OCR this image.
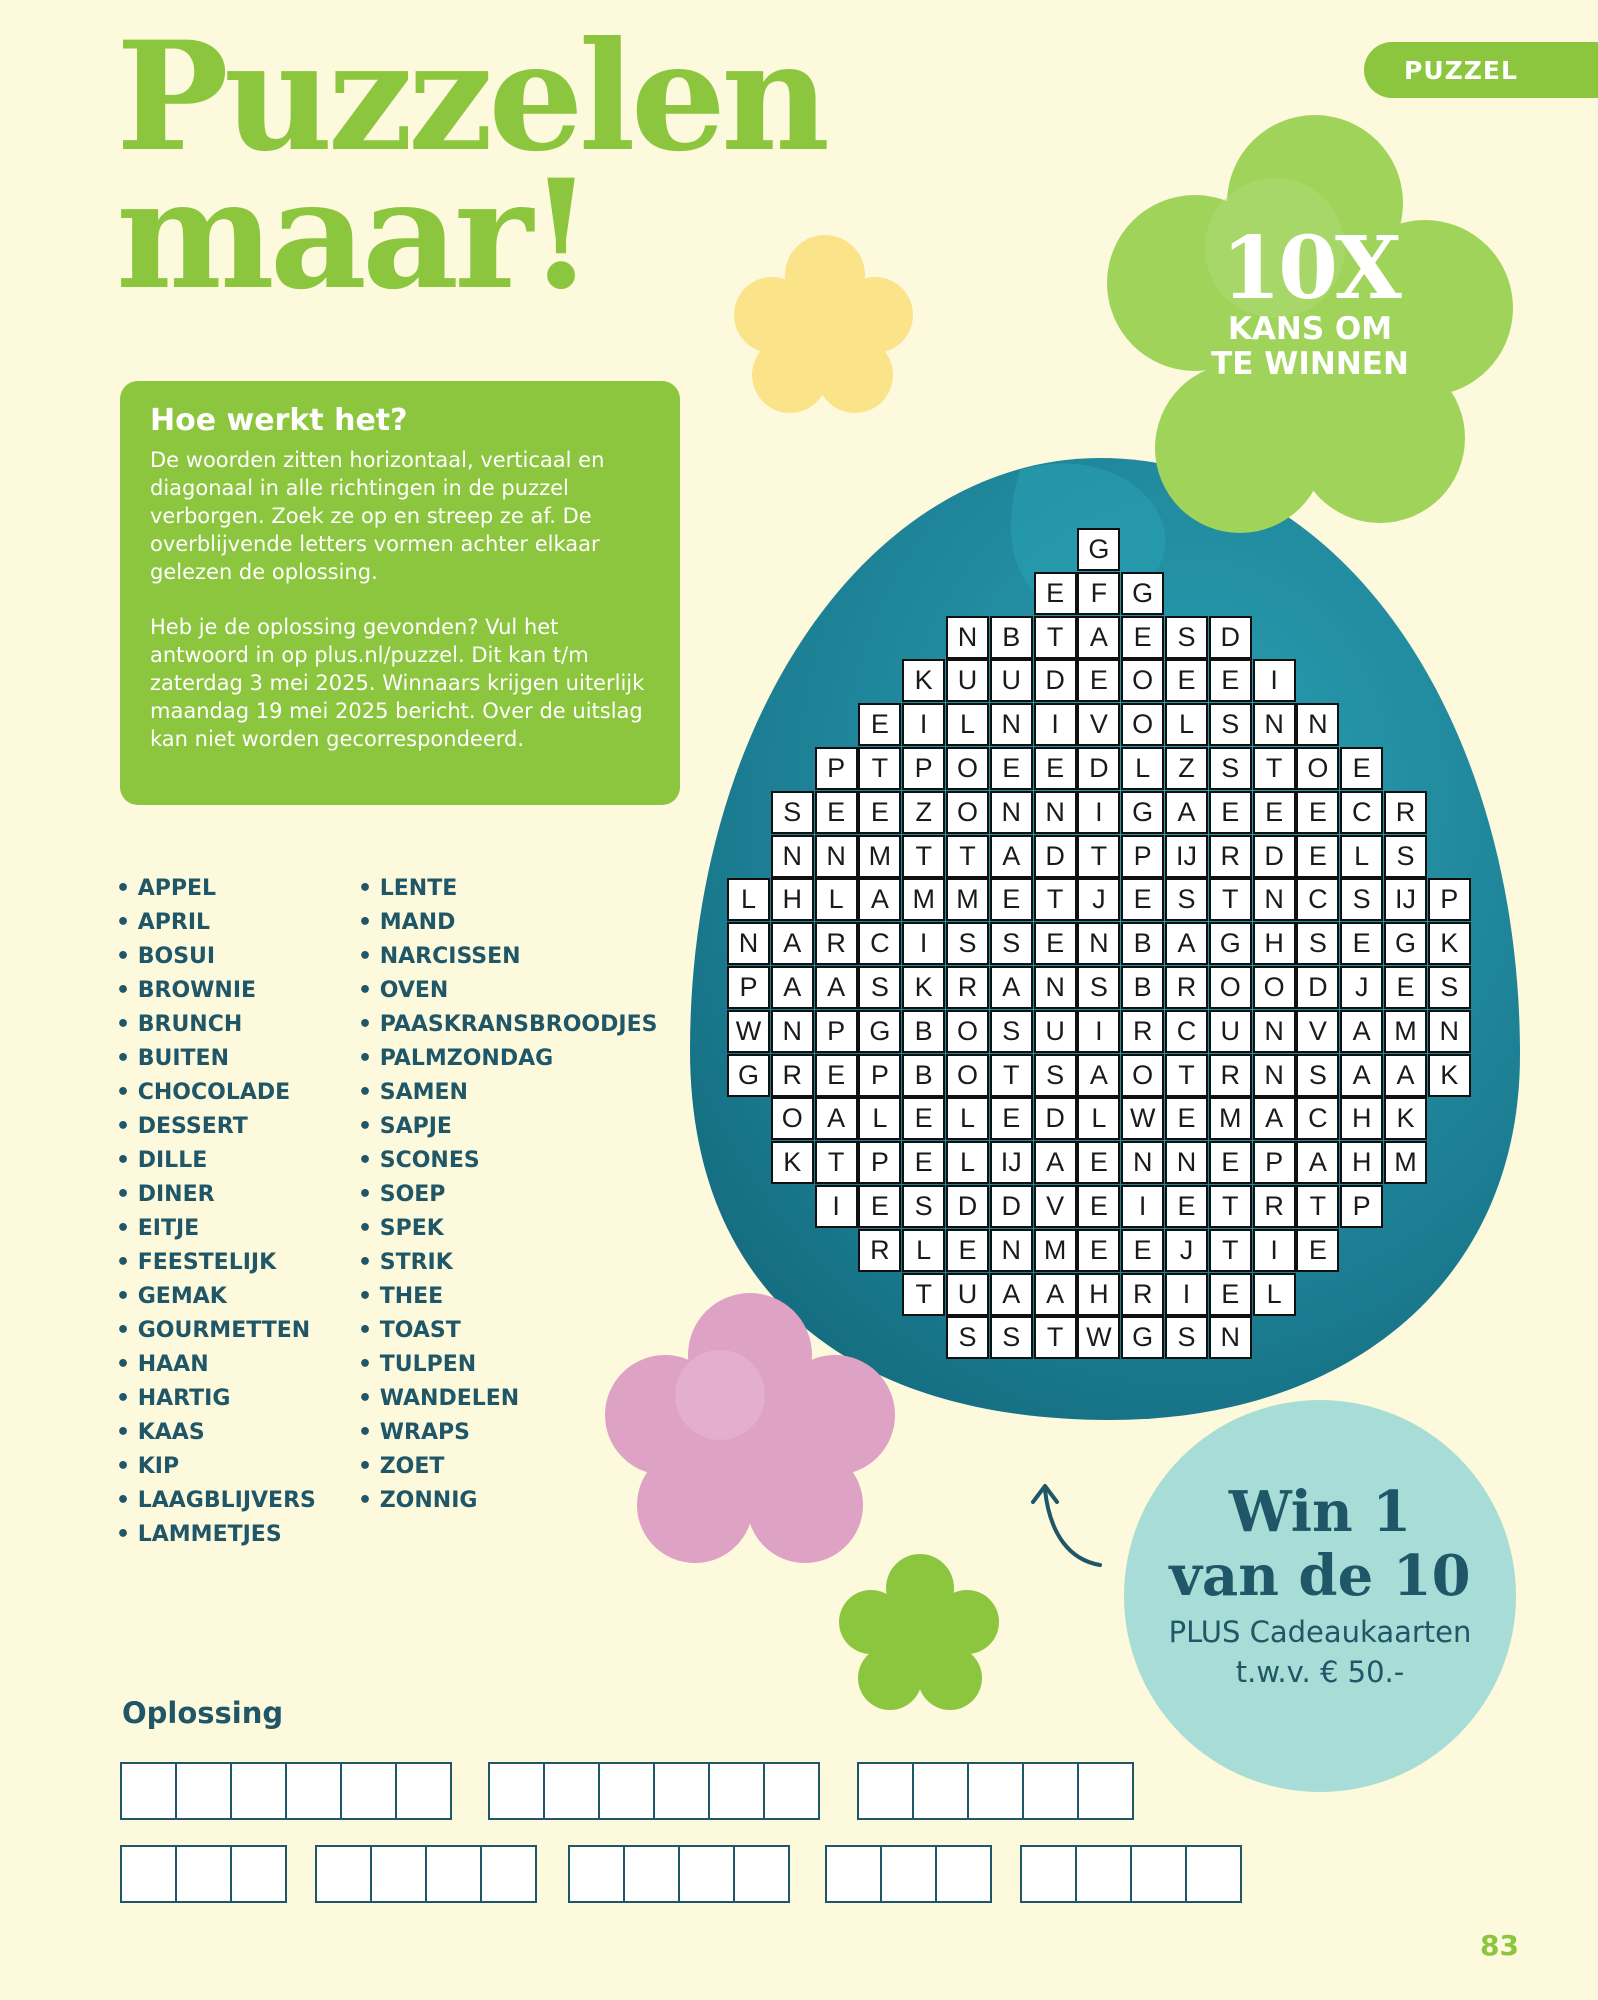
Puzzelen
maar!
PUZZEL
10X
KANS OM
TE WINNEN
Hoe werkt het?

De woorden zitten horizontaal, verticaal en diagonaal in alle richtingen in de puzzel verborgen. Zoek ze op en streep ze af. De overblijvende letters vormen achter elkaar gelezen de oplossing.

Heb je de oplossing gevonden? Vul het antwoord in op plus.nl/puzzel. Dit kan t/m zaterdag 3 mei 2025. Winnaars krijgen uiterlijk maandag 19 mei 2025 bericht. Over de uitslag kan niet worden gecorrespondeerd.

• APPEL
• APRIL
• BOSUI
• BROWNIE
• BRUNCH
• BUITEN
• CHOCOLADE
• DESSERT
• DILLE
• DINER
• EITJE
• FEESTELIJK
• GEMAK
• GOURMETTEN
• HAAN
• HARTIG
• KAAS
• KIP
• LAAGBLIJVERS
• LAMMETJES
• LENTE
• MAND
• NARCISSEN
• OVEN
• PAASKRANSBROODJES
• PALMZONDAG
• SAMEN
• SAPJE
• SCONES
• SOEP
• SPEK
• STRIK
• THEE
• TOAST
• TULPEN
• WANDELEN
• WRAPS
• ZOET
• ZONNIG
G
E F G
N B T A E S D
K U U D E O E E	I
E	I	L N	I	V O L	S N N
P T P O E E D L	Z S T O E
S E E Z O N N	I	G A E E E C R
N N M T	T A D T P IJ R D E	L	S
L H L	A M M E T	J	E S T N C S IJ P
N A R C	I	S S E N B A G H S E G K
P A A S K R A N S B R O O D	J	E S
W N P G B O S U	I	R C U N V A M N
G R E P B O T S A O T R N S A A K
O A	L	E	L	E D L W E M A C H K
K T P E	L IJ A E N N E P A H M
I	E S D D V E	I	E T R T P
R L	E N M E E	J	T	I	E
T U A A H R	I	E	L
S S T W G S N
Win 1
van de 10
PLUS Cadeaukaarten
t.w.v. € 50.-
Oplossing
83
